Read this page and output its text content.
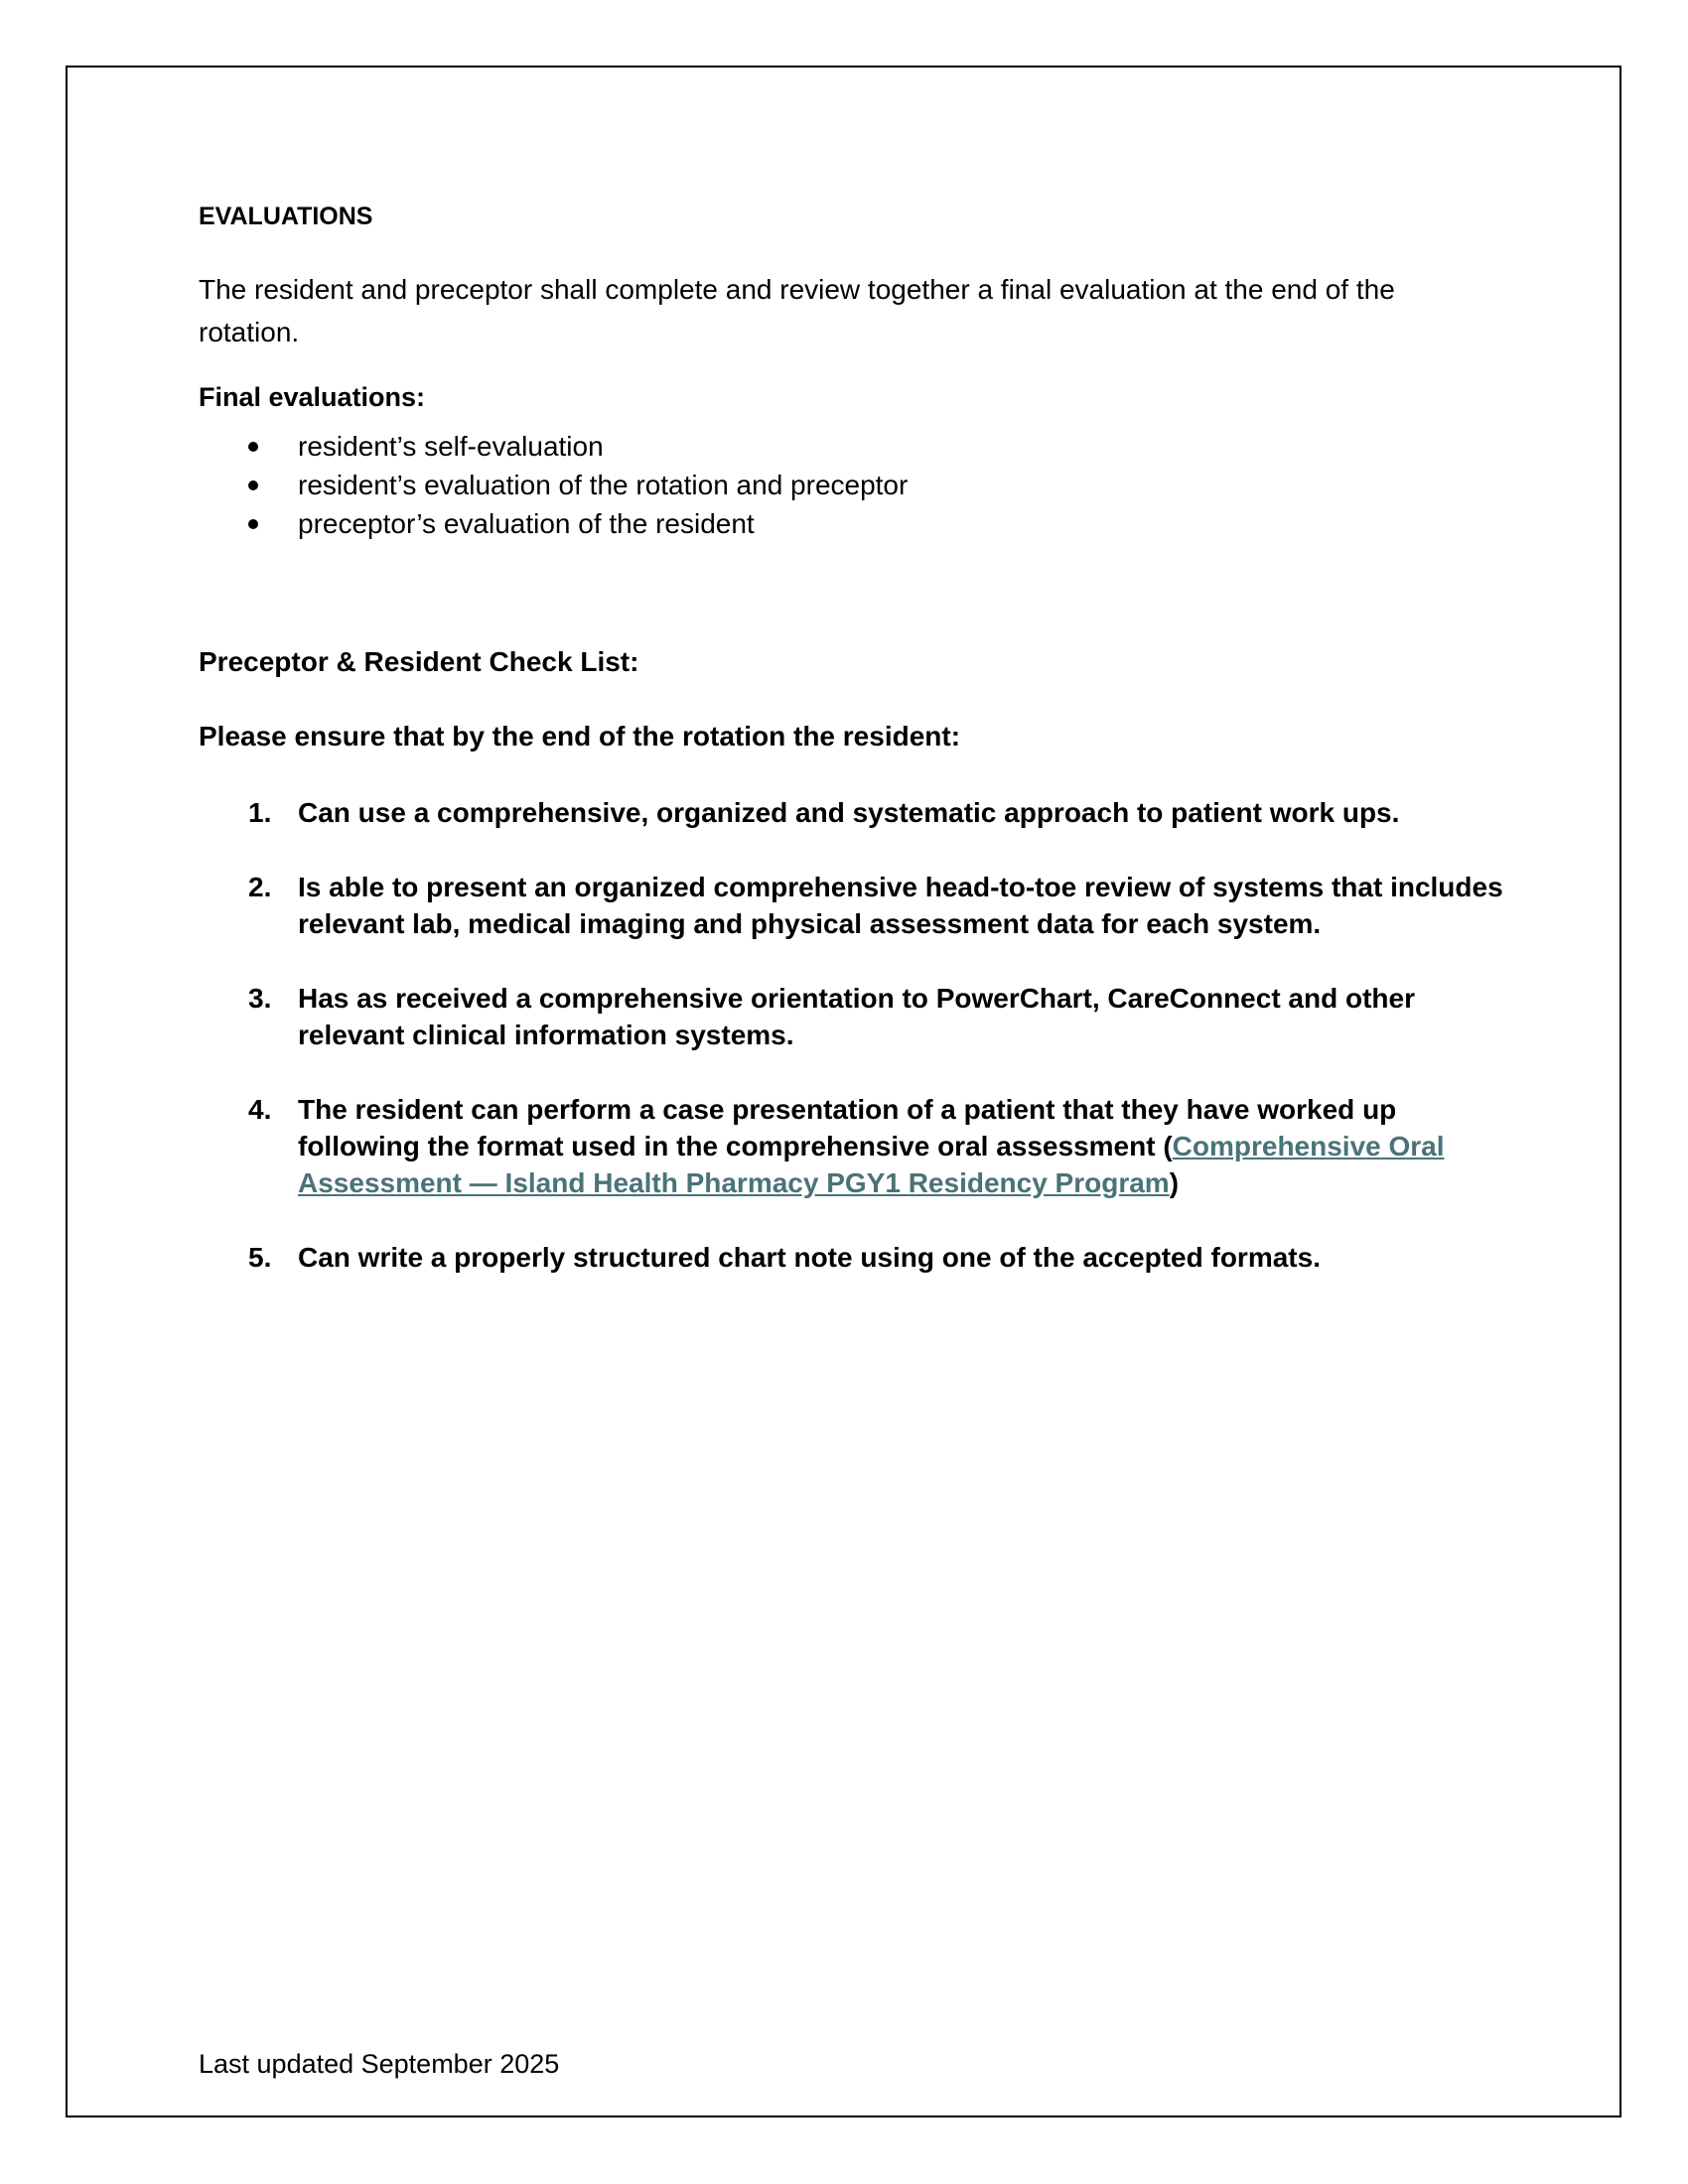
EVALUATIONS
The resident and preceptor shall complete and review together a final evaluation at the end of the rotation.
Final evaluations:
resident’s self-evaluation
resident’s evaluation of the rotation and preceptor
preceptor’s evaluation of the resident
Preceptor & Resident Check List:
Please ensure that by the end of the rotation the resident:
1. Can use a comprehensive, organized and systematic approach to patient work ups.
2. Is able to present an organized comprehensive head-to-toe review of systems that includes relevant lab, medical imaging and physical assessment data for each system.
3. Has as received a comprehensive orientation to PowerChart, CareConnect and other relevant clinical information systems.
4. The resident can perform a case presentation of a patient that they have worked up following the format used in the comprehensive oral assessment (Comprehensive Oral Assessment — Island Health Pharmacy PGY1 Residency Program)
5. Can write a properly structured chart note using one of the accepted formats.
Last updated September 2025
